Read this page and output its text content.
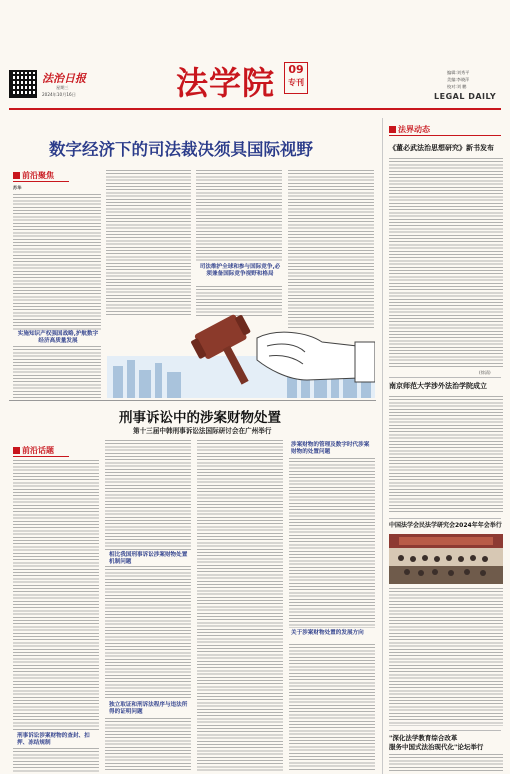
法治日报
星期三
2024年10月16日	法学院	09
专刊
编辑:刘秀平
美编:李晓萍
校对:刘 鹏
LEGAL DAILY
数字经济下的司法裁决须具国际视野
前沿聚焦
苏华
实施知识产权强国战略,护航数字经济高质量发展
司法维护全球和参与国际竞争,必须兼备国际竞争视野和格局
刑事诉讼中的涉案财物处置
第十三届中韩刑事诉讼法国际研讨会在广州举行
前沿话题
刑事诉讼涉案财物的查封、扣押、冻结规制
相比我国刑事诉讼涉案财物处置机制问题
独立取证和刑诉法程序与违法所得的证明问题
涉案财物的管理及数字时代涉案财物的处置问题
关于涉案财物处置的发展方向
法界动态
《董必武法治思想研究》新书发布
(徐清)
南京师范大学涉外法治学院成立
中国法学会民法学研究会2024年年会举行
"深化法学教育综合改革
服务中国式法治现代化"论坛举行
